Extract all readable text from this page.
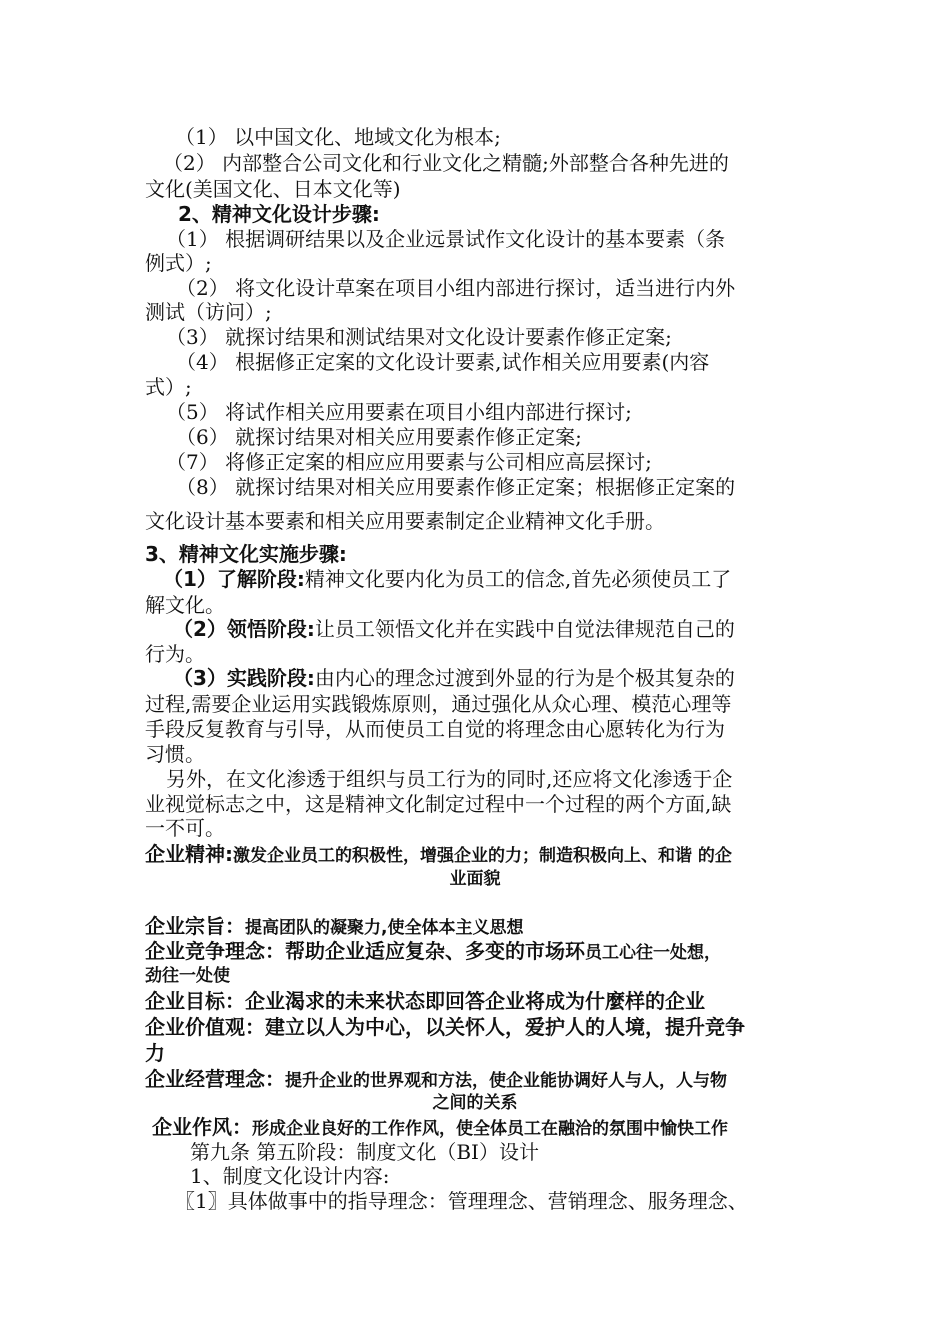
（1） 以中国文化、地域文化为根本;
（2） 内部整合公司文化和行业文化之精髓;外部整合各种先进的
文化(美国文化、日本文化等)
2、精神文化设计步骤:
（1） 根据调研结果以及企业远景试作文化设计的基本要素（条
例式）;
（2） 将文化设计草案在项目小组内部进行探讨，适当进行内外
测试（访问）;
（3） 就探讨结果和测试结果对文化设计要素作修正定案;
（4） 根据修正定案的文化设计要素,试作相关应用要素(内容
式）;
（5） 将试作相关应用要素在项目小组内部进行探讨;
（6） 就探讨结果对相关应用要素作修正定案;
（7） 将修正定案的相应应用要素与公司相应高层探讨;
（8） 就探讨结果对相关应用要素作修正定案；根据修正定案的
文化设计基本要素和相关应用要素制定企业精神文化手册。
3、精神文化实施步骤:
（1）了解阶段:精神文化要内化为员工的信念,首先必须使员工了
解文化。
（2）领悟阶段:让员工领悟文化并在实践中自觉法律规范自己的
行为。
（3）实践阶段:由内心的理念过渡到外显的行为是个极其复杂的
过程,需要企业运用实践锻炼原则，通过强化从众心理、模范心理等
手段反复教育与引导，从而使员工自觉的将理念由心愿转化为行为
习惯。
另外，在文化渗透于组织与员工行为的同时,还应将文化渗透于企
业视觉标志之中，这是精神文化制定过程中一个过程的两个方面,缺
一不可。
企业精神:激发企业员工的积极性，增强企业的力；制造积极向上、和谐 的企
业面貌
企业宗旨：提高团队的凝聚力,使全体本主义思想
企业竞争理念：帮助企业适应复杂、多变的市场环员工心往一处想，
劲往一处使
企业目标：企业渴求的未来状态即回答企业将成为什麼样的企业
企业价值观：建立以人为中心，以关怀人，爱护人的人境，提升竞争
力
企业经营理念：提升企业的世界观和方法，使企业能协调好人与人，人与物
之间的关系
企业作风：形成企业良好的工作作风，使全体员工在融洽的氛围中愉快工作
第九条 第五阶段：制度文化（BI）设计
1、制度文化设计内容:
〖1〗具体做事中的指导理念：管理理念、营销理念、服务理念、
